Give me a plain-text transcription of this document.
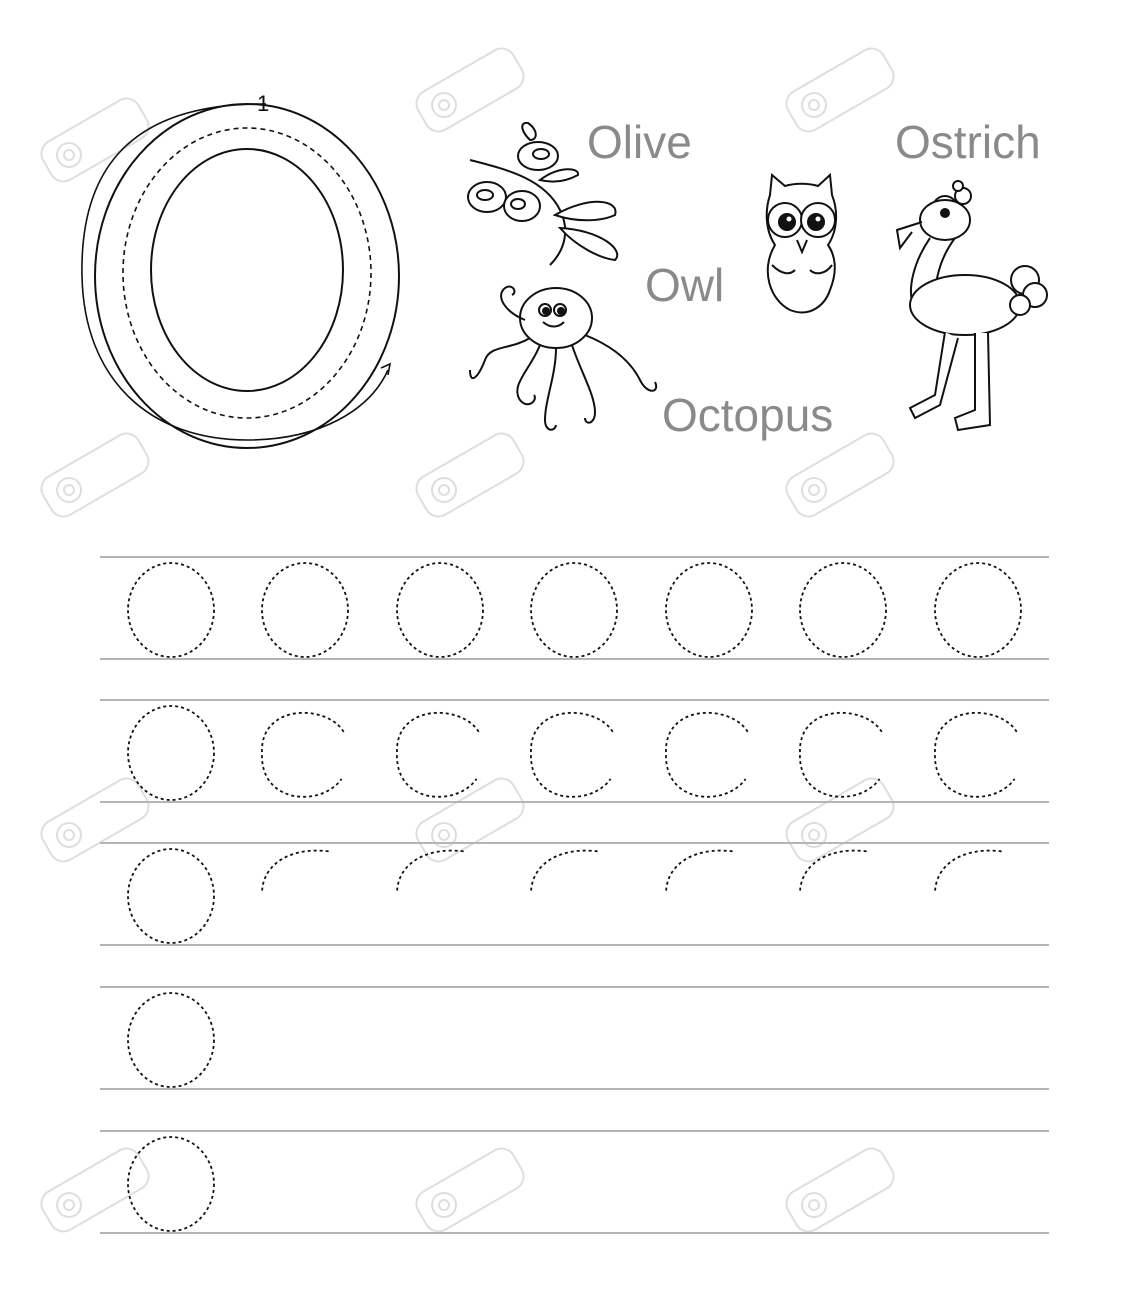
1
Olive	Ostrich
Owl
Octopus
